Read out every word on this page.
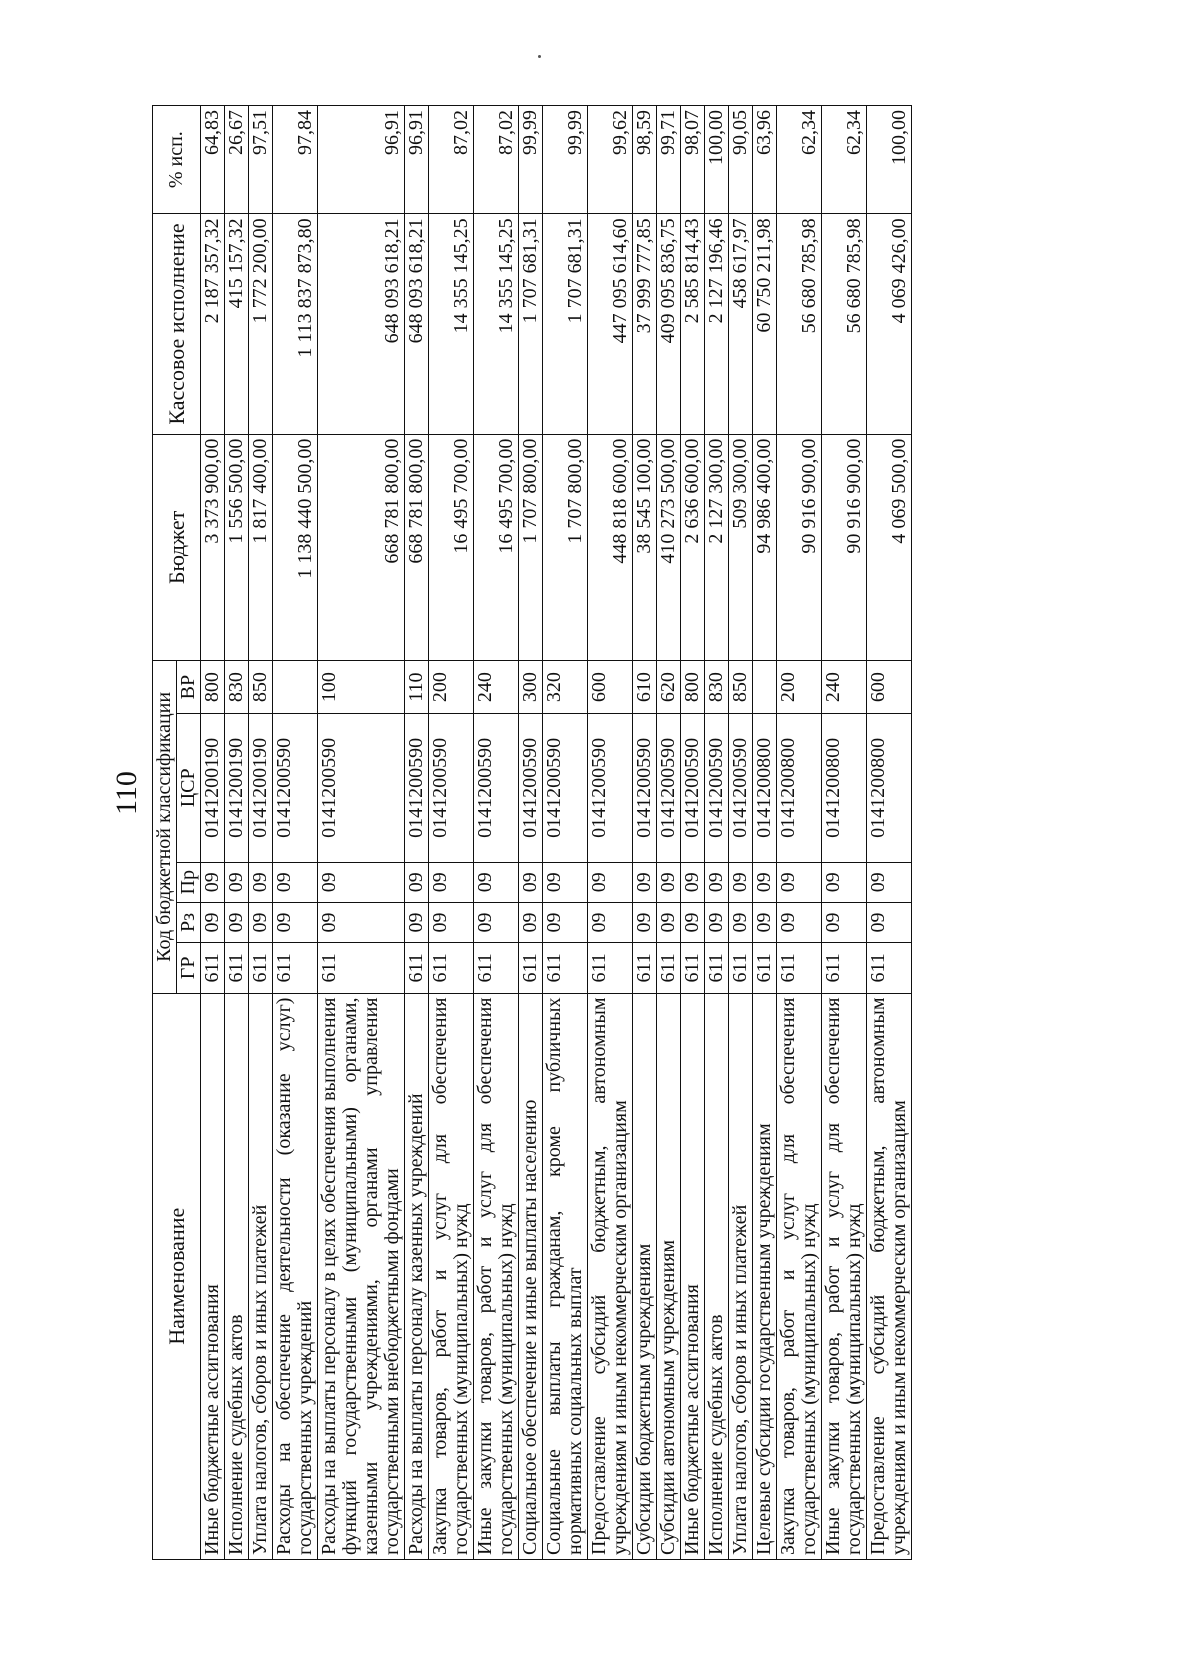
110
Наименование	Код бюджетной классификации					Бюджет	Кассовое исполнение	% исп.
	ГР	Рз	Пр	ЦСР	ВР			
Иные бюджетные ассигнования	611	09	09	0141200190	800	3 373 900,00	2 187 357,32	64,83
Исполнение судебных актов	611	09	09	0141200190	830	1 556 500,00	415 157,32	26,67
Уплата налогов, сборов и иных платежей	611	09	09	0141200190	850	1 817 400,00	1 772 200,00	97,51
Расходы на обеспечение деятельности (оказание услуг) государственных учреждений	611	09	09	0141200590		1 138 440 500,00	1 113 837 873,80	97,84
Расходы на выплаты персоналу в целях обеспечения выполнения функций государственными (муниципальными) органами, казенными учреждениями, органами управления государственными внебюджетными фондами	611	09	09	0141200590	100	668 781 800,00	648 093 618,21	96,91
Расходы на выплаты персоналу казенных учреждений	611	09	09	0141200590	110	668 781 800,00	648 093 618,21	96,91
Закупка товаров, работ и услуг для обеспечения государственных (муниципальных) нужд	611	09	09	0141200590	200	16 495 700,00	14 355 145,25	87,02
Иные закупки товаров, работ и услуг для обеспечения государственных (муниципальных) нужд	611	09	09	0141200590	240	16 495 700,00	14 355 145,25	87,02
Социальное обеспечение и иные выплаты населению	611	09	09	0141200590	300	1 707 800,00	1 707 681,31	99,99
Социальные выплаты гражданам, кроме публичных нормативных социальных выплат	611	09	09	0141200590	320	1 707 800,00	1 707 681,31	99,99
Предоставление субсидий бюджетным, автономным учреждениям и иным некоммерческим организациям	611	09	09	0141200590	600	448 818 600,00	447 095 614,60	99,62
Субсидии бюджетным учреждениям	611	09	09	0141200590	610	38 545 100,00	37 999 777,85	98,59
Субсидии автономным учреждениям	611	09	09	0141200590	620	410 273 500,00	409 095 836,75	99,71
Иные бюджетные ассигнования	611	09	09	0141200590	800	2 636 600,00	2 585 814,43	98,07
Исполнение судебных актов	611	09	09	0141200590	830	2 127 300,00	2 127 196,46	100,00
Уплата налогов, сборов и иных платежей	611	09	09	0141200590	850	509 300,00	458 617,97	90,05
Целевые субсидии государственным учреждениям	611	09	09	0141200800		94 986 400,00	60 750 211,98	63,96
Закупка товаров, работ и услуг для обеспечения государственных (муниципальных) нужд	611	09	09	0141200800	200	90 916 900,00	56 680 785,98	62,34
Иные закупки товаров, работ и услуг для обеспечения государственных (муниципальных) нужд	611	09	09	0141200800	240	90 916 900,00	56 680 785,98	62,34
Предоставление субсидий бюджетным, автономным учреждениям и иным некоммерческим организациям	611	09	09	0141200800	600	4 069 500,00	4 069 426,00	100,00
